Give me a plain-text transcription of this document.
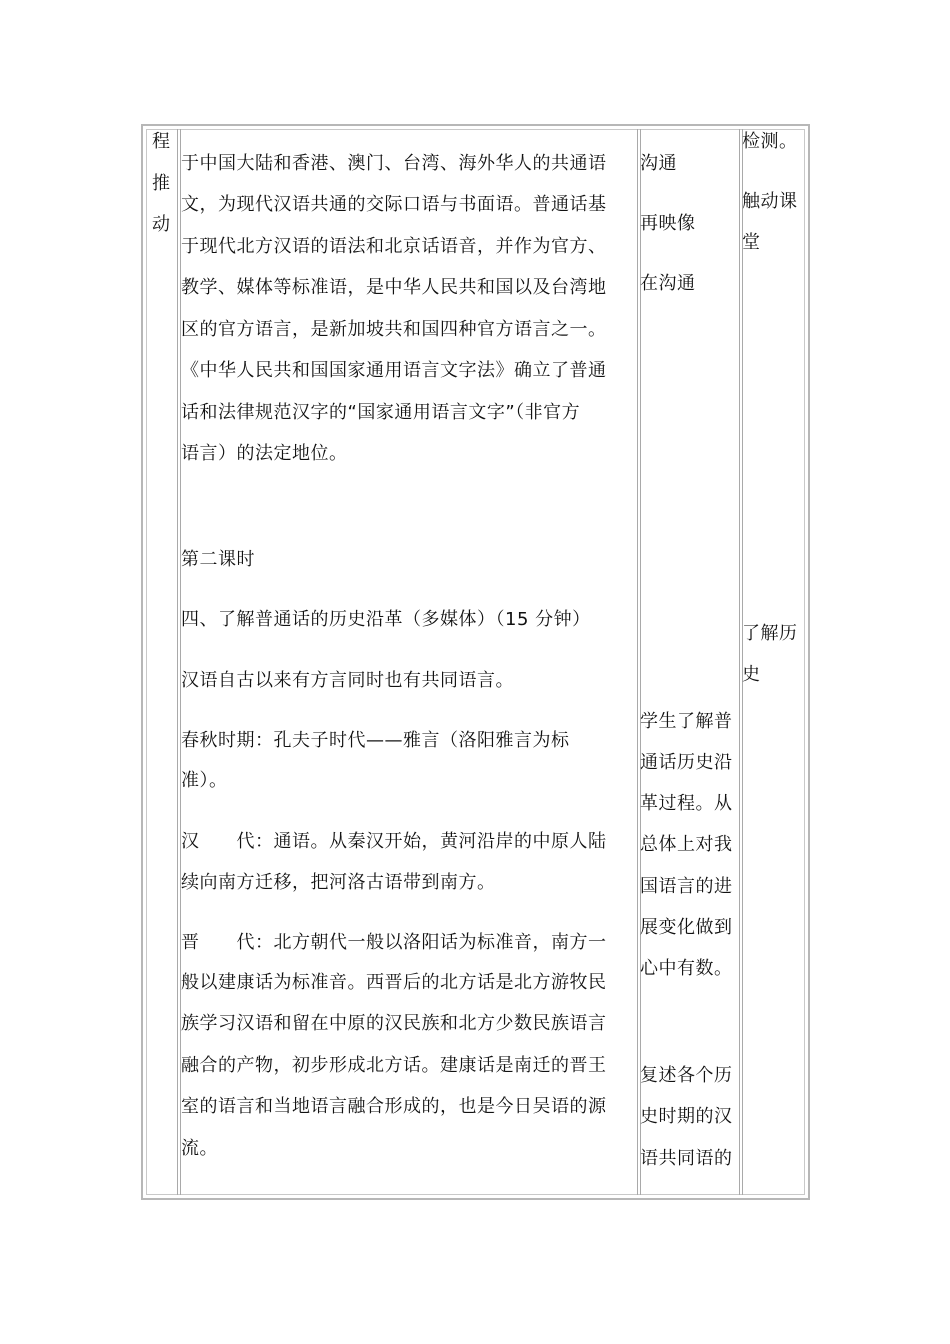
程
推
动
于中国大陆和香港、澳门、台湾、海外华人的共通语
文，为现代汉语共通的交际口语与书面语。普通话基
于现代北方汉语的语法和北京话语音，并作为官方、
教学、媒体等标准语，是中华人民共和国以及台湾地
区的官方语言，是新加坡共和国四种官方语言之一。
《中华人民共和国国家通用语言文字法》确立了普通
话和法律规范汉字的“国家通用语言文字”（非官方
语言）的法定地位。
第二课时
四、了解普通话的历史沿革（多媒体）（15 分钟）
汉语自古以来有方言同时也有共同语言。
春秋时期：孔夫子时代——雅言（洛阳雅言为标
准）。
汉　　代：通语。从秦汉开始，黄河沿岸的中原人陆
续向南方迁移，把河洛古语带到南方。
晋　　代：北方朝代一般以洛阳话为标准音，南方一
般以建康话为标准音。西晋后的北方话是北方游牧民
族学习汉语和留在中原的汉民族和北方少数民族语言
融合的产物，初步形成北方话。建康话是南迁的晋王
室的语言和当地语言融合形成的，也是今日吴语的源
流。
沟通
再映像
在沟通
学生了解普
通话历史沿
革过程。从
总体上对我
国语言的进
展变化做到
心中有数。
复述各个历
史时期的汉
语共同语的
检测。
触动课
堂
了解历
史
